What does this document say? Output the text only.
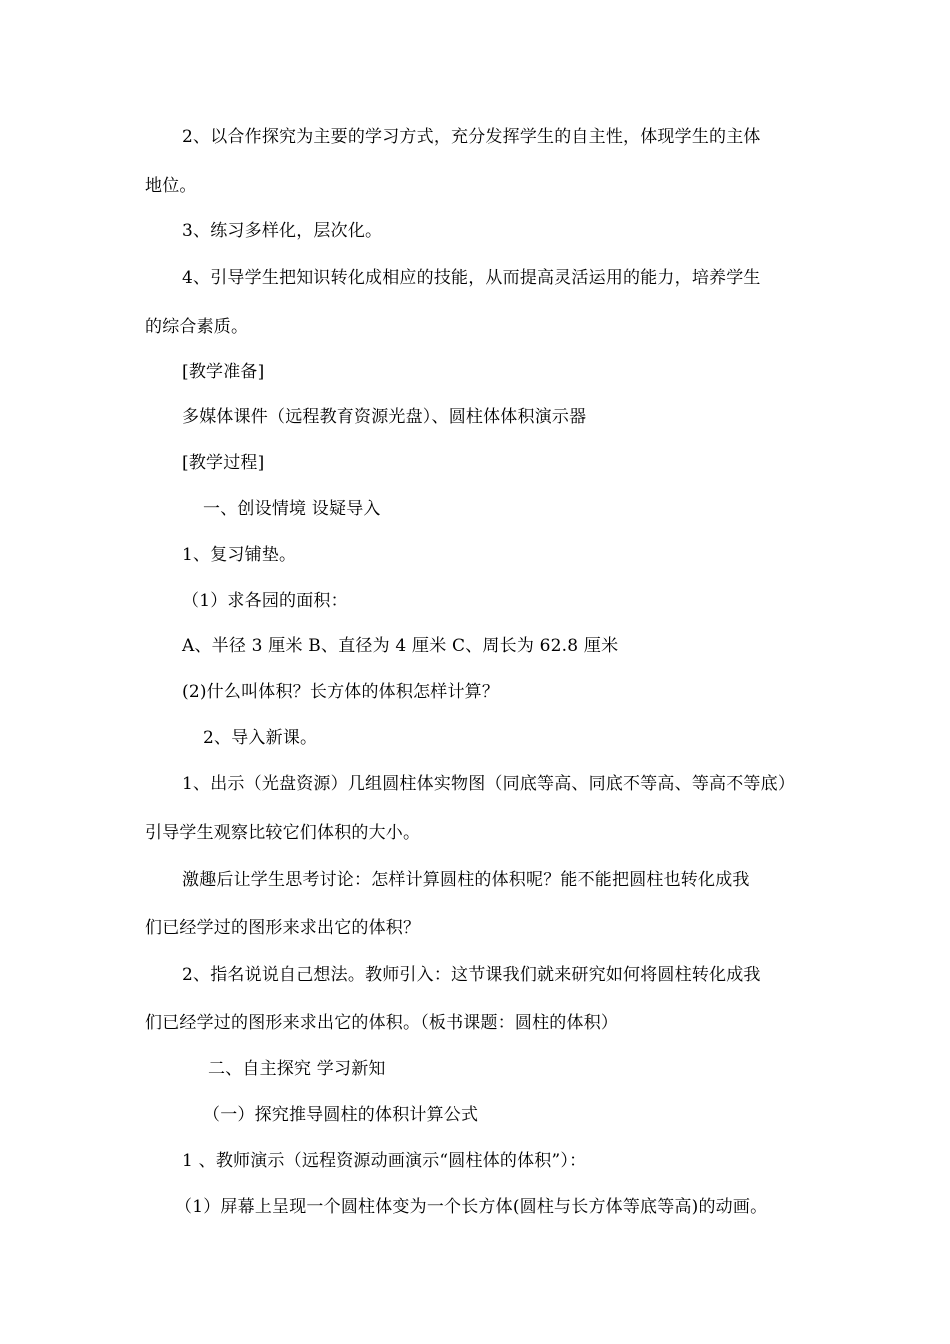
2、以合作探究为主要的学习方式，充分发挥学生的自主性，体现学生的主体
地位。
3、练习多样化，层次化。
4、引导学生把知识转化成相应的技能，从而提高灵活运用的能力，培养学生
的综合素质。
[教学准备]
多媒体课件（远程教育资源光盘）、圆柱体体积演示器
[教学过程]
一、创设情境 设疑导入
1、复习铺垫。
（1）求各园的面积：
A、半径 3 厘米 B、直径为 4 厘米 C、周长为 62.8 厘米
(2)什么叫体积？长方体的体积怎样计算？
2、导入新课。
1、出示（光盘资源）几组圆柱体实物图（同底等高、同底不等高、等高不等底）
引导学生观察比较它们体积的大小。
激趣后让学生思考讨论：怎样计算圆柱的体积呢？能不能把圆柱也转化成我
们已经学过的图形来求出它的体积？
2、指名说说自己想法。教师引入：这节课我们就来研究如何将圆柱转化成我
们已经学过的图形来求出它的体积。（板书课题：圆柱的体积）
二、自主探究 学习新知
（一）探究推导圆柱的体积计算公式
1 、教师演示（远程资源动画演示“圆柱体的体积”）：
（1）屏幕上呈现一个圆柱体变为一个长方体(圆柱与长方体等底等高)的动画。
